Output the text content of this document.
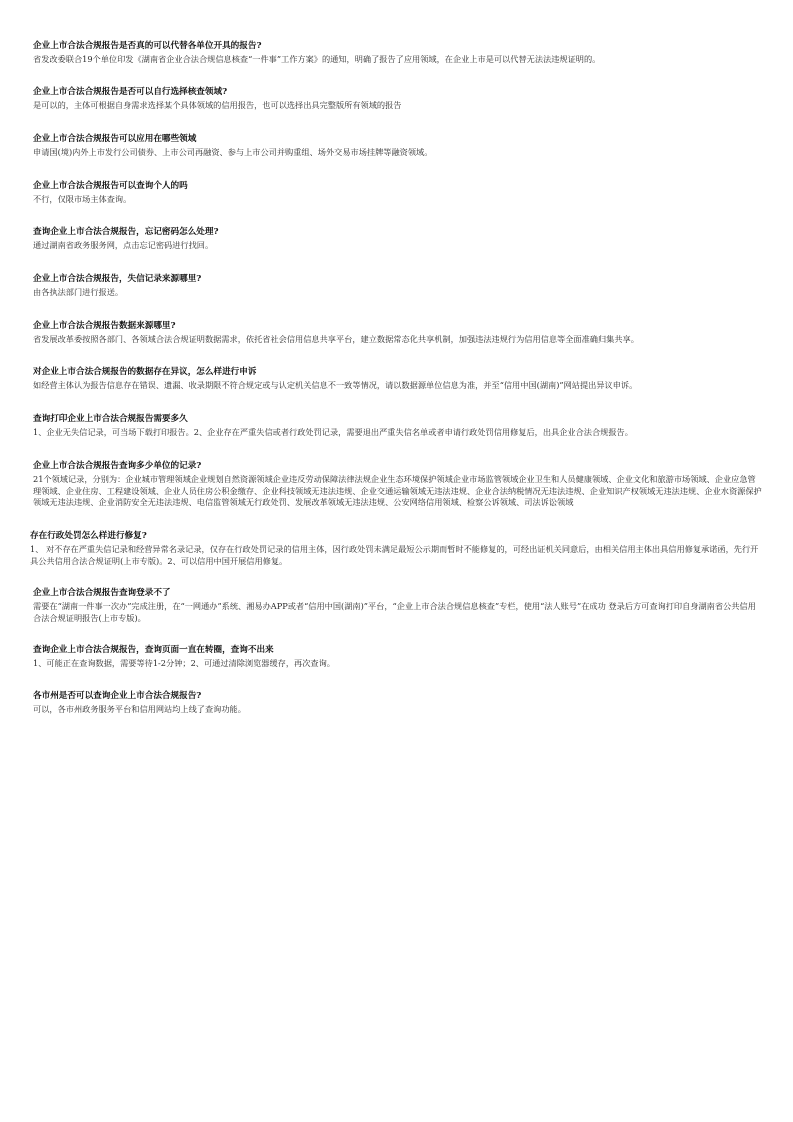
企业上市合法合规报告是否真的可以代替各单位开具的报告?
省发改委联合19个单位印发《湖南省企业合法合规信息核查“一件事”工作方案》的通知，明确了报告了应用领域，在企业上市是可以代替无法法违规证明的。
企业上市合法合规报告是否可以自行选择核查领域?
是可以的，主体可根据自身需求选择某个具体领域的信用报告，也可以选择出具完整版所有领域的报告
企业上市合法合规报告可以应用在哪些领域
申请国(境)内外上市发行公司债券、上市公司再融资、参与上市公司并购重组、场外交易市场挂牌等融资领域。
企业上市合法合规报告可以查询个人的吗
不行，仅限市场主体查询。
查询企业上市合法合规报告，忘记密码怎么处理?
通过湖南省政务服务网，点击忘记密码进行找回。
企业上市合法合规报告，失信记录来源哪里?
由各执法部门进行报送。
企业上市合法合规报告数据来源哪里?
省发展改革委按照各部门、各领域合法合规证明数据需求，依托省社会信用信息共享平台，建立数据常态化共享机制，加强违法违规行为信用信息等全面准确归集共享。
对企业上市合法合规报告的数据存在异议，怎么样进行申诉
如经营主体认为报告信息存在错误、遗漏、收录期限不符合规定或与认定机关信息不一致等情况，请以数据源单位信息为准，并至“信用中国(湖南)”网站提出异议申诉。
查询打印企业上市合法合规报告需要多久
1、企业无失信记录，可当场下载打印报告。2、企业存在严重失信或者行政处罚记录，需要退出严重失信名单或者申请行政处罚信用修复后，出具企业合法合规报告。
企业上市合法合规报告查询多少单位的记录?
21个领域记录，分别为：企业城市管理领域企业规划自然资源领域企业违反劳动保障法律法规企业生态环境保护领域企业市场监管领域企业卫生和人员健康领域、企业文化和旅游市场领域、企业应急管理领域、企业住房、工程建设领域、企业人员住房公积金缴存、企业科技领域无违法违规、企业交通运输领域无违法违规、企业合法纳税情况无违法违规、企业知识产权领域无违法违规、企业水资源保护领域无违法违规、企业消防安全无违法违规、电信监管领域无行政处罚、发展改革领域无违法违规、公安网络信用领域、检察公诉领域、司法诉讼领域
存在行政处罚怎么样进行修复?
1、 对不存在严重失信记录和经营异常名录记录，仅存在行政处罚记录的信用主体，因行政处罚未满足最短公示期而暂时不能修复的，可经出证机关同意后，由相关信用主体出具信用修复承诺函，先行开具公共信用合法合规证明(上市专版)。2、可以信用中国开展信用修复。
企业上市合法合规报告查询登录不了
需要在“湖南一件事一次办”完成注册，在“一网通办”系统、湘易办APP或者“信用中国(湖南)”平台，“企业上市合法合规信息核查”专栏，使用“法人账号”在成功 登录后方可查询打印自身湖南省公共信用合法合规证明报告(上市专版)。
查询企业上市合法合规报告，查询页面一直在转圈，查询不出来
1、可能正在查询数据，需要等待1-2分钟；2、可通过清除浏览器缓存，再次查询。
各市州是否可以查询企业上市合法合规报告?
可以，各市州政务服务平台和信用网站均上线了查询功能。
